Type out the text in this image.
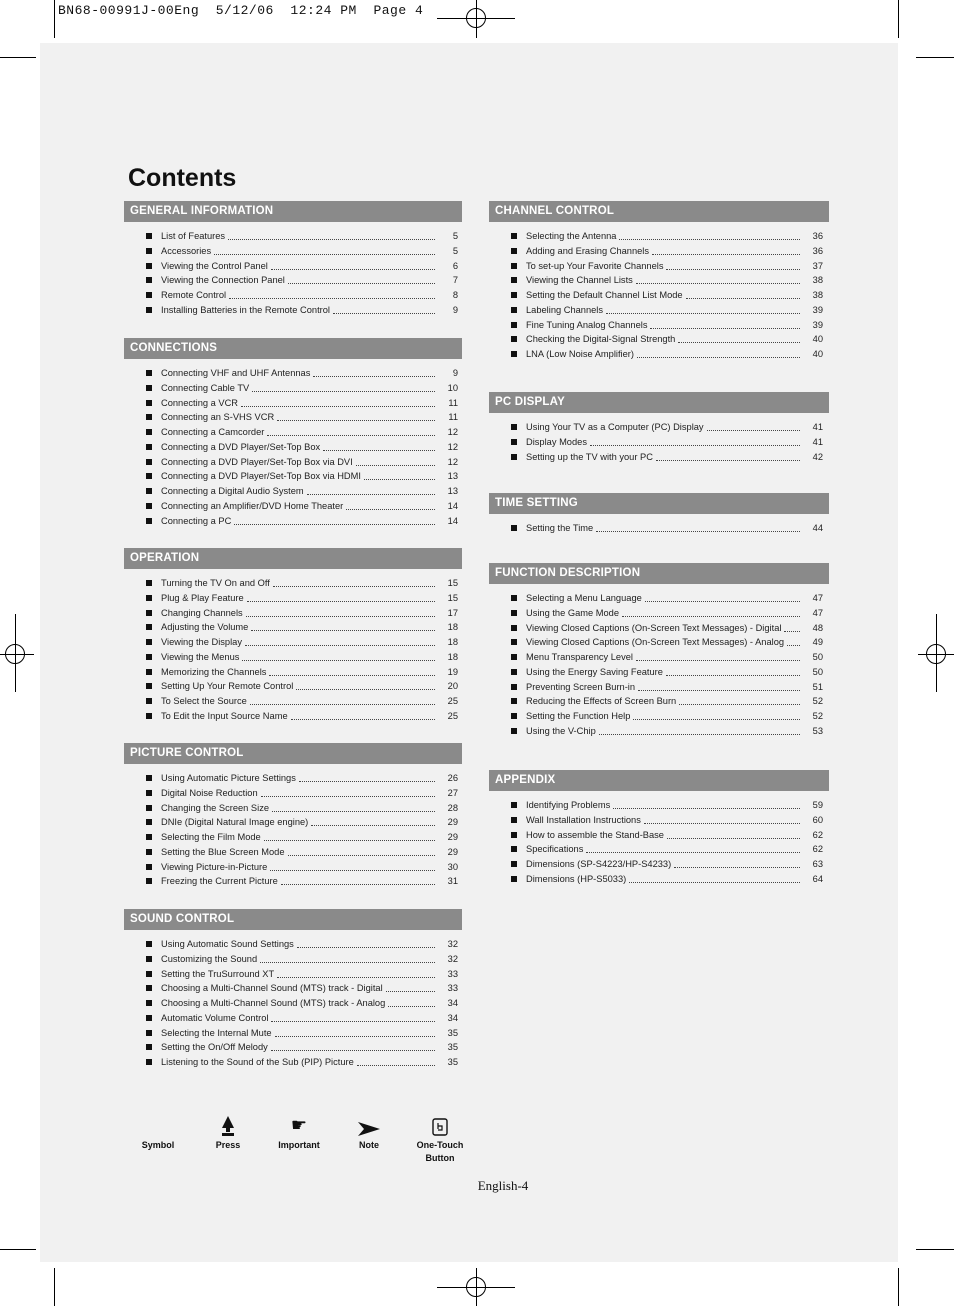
BN68-00991J-00Eng  5/12/06  12:24 PM  Page 4
Contents
GENERAL INFORMATION
List of Features	5
Accessories	5
Viewing the Control Panel	6
Viewing the Connection Panel	7
Remote Control	8
Installing Batteries in the Remote Control	9
CONNECTIONS
Connecting VHF and UHF Antennas	9
Connecting Cable TV	10
Connecting a VCR	11
Connecting an S-VHS VCR	11
Connecting a Camcorder	12
Connecting a DVD Player/Set-Top Box	12
Connecting a DVD Player/Set-Top Box via DVI	12
Connecting a DVD Player/Set-Top Box via HDMI	13
Connecting a Digital Audio System	13
Connecting an Amplifier/DVD Home Theater	14
Connecting a PC	14
OPERATION
Turning the TV On and Off	15
Plug & Play Feature	15
Changing Channels	17
Adjusting the Volume	18
Viewing the Display	18
Viewing the Menus	18
Memorizing the Channels	19
Setting Up Your Remote Control	20
To Select the Source	25
To Edit the Input Source Name	25
PICTURE CONTROL
Using Automatic Picture Settings	26
Digital Noise Reduction	27
Changing the Screen Size	28
DNIe (Digital Natural Image engine)	29
Selecting the Film Mode	29
Setting the Blue Screen Mode	29
Viewing Picture-in-Picture	30
Freezing the Current Picture	31
SOUND CONTROL
Using Automatic Sound Settings	32
Customizing the Sound	32
Setting the TruSurround XT	33
Choosing a Multi-Channel Sound (MTS) track - Digital	33
Choosing a Multi-Channel Sound (MTS) track - Analog	34
Automatic Volume Control	34
Selecting the Internal Mute	35
Setting the On/Off Melody	35
Listening to the Sound of the Sub (PIP) Picture	35
CHANNEL CONTROL
Selecting the Antenna	36
Adding and Erasing Channels	36
To set-up Your Favorite Channels	37
Viewing the Channel Lists	38
Setting the Default Channel List Mode	38
Labeling Channels	39
Fine Tuning Analog Channels	39
Checking the Digital-Signal Strength	40
LNA (Low Noise Amplifier)	40
PC DISPLAY
Using Your TV as a Computer (PC) Display	41
Display Modes	41
Setting up the TV with your PC	42
TIME SETTING
Setting the Time	44
FUNCTION DESCRIPTION
Selecting a Menu Language	47
Using the Game Mode	47
Viewing Closed Captions (On-Screen Text Messages) - Digital	48
Viewing Closed Captions (On-Screen Text Messages) - Analog	49
Menu Transparency Level	50
Using the Energy Saving Feature	50
Preventing Screen Burn-in	51
Reducing the Effects of Screen Burn	52
Setting the Function Help	52
Using the V-Chip	53
APPENDIX
Identifying Problems	59
Wall Installation Instructions	60
How to assemble the Stand-Base	62
Specifications	62
Dimensions (SP-S4223/HP-S4233)	63
Dimensions (HP-S5033)	64
Symbol	Press
☛
Important	Note	One-Touch Button
English-4
